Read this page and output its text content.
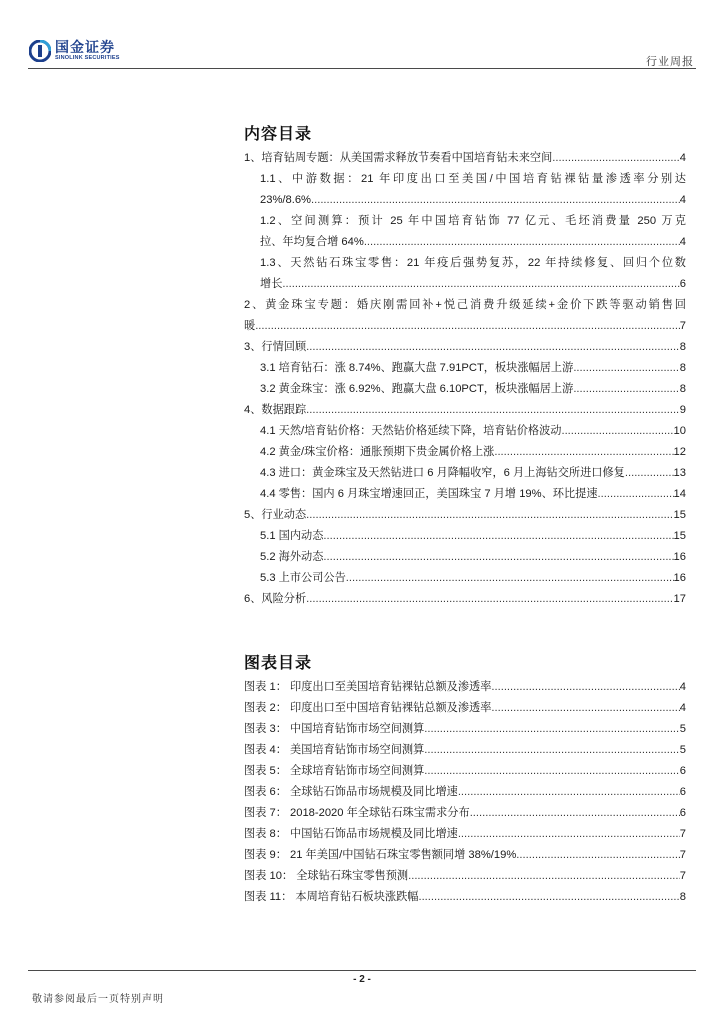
国金证券
SINOLINK SECURITIES	行业周报
内容目录
1、培育钻周专题：从美国需求释放节奏看中国培育钻未来空间 .....	4
1.1、中游数据：21 年印度出口至美国/中国培育钻裸钻量渗透率分别达
23%/8.6% .....	4
1.2、空间测算：预计 25 年中国培育钻饰 77 亿元、毛坯消费量 250 万克
拉、年均复合增 64% .....	4
1.3、天然钻石珠宝零售：21 年疫后强势复苏，22 年持续修复、回归个位数
增长 .....	6
2、黄金珠宝专题：婚庆刚需回补+悦己消费升级延续+金价下跌等驱动销售回
暖 .....	7
3、行情回顾 .....	8
3.1 培育钻石：涨 8.74%、跑赢大盘 7.91PCT，板块涨幅居上游 .....	8
3.2 黄金珠宝：涨 6.92%、跑赢大盘 6.10PCT，板块涨幅居上游 .....	8
4、数据跟踪 .....	9
4.1 天然/培育钻价格：天然钻价格延续下降，培育钻价格波动 .....	10
4.2 黄金/珠宝价格：通胀预期下贵金属价格上涨 .....	12
4.3 进口：黄金珠宝及天然钻进口 6 月降幅收窄，6 月上海钻交所进口修复 .....	13
4.4 零售：国内 6 月珠宝增速回正，美国珠宝 7 月增 19%、环比提速 .....	14
5、行业动态 .....	15
5.1 国内动态 .....	15
5.2 海外动态 .....	16
5.3 上市公司公告 .....	16
6、风险分析 .....	17
图表目录
图表 1： 印度出口至美国培育钻裸钻总额及渗透率 .....	4
图表 2： 印度出口至中国培育钻裸钻总额及渗透率 .....	4
图表 3： 中国培育钻饰市场空间测算 .....	5
图表 4： 美国培育钻饰市场空间测算 .....	5
图表 5： 全球培育钻饰市场空间测算 .....	6
图表 6： 全球钻石饰品市场规模及同比增速 .....	6
图表 7： 2018-2020 年全球钻石珠宝需求分布 .....	6
图表 8： 中国钻石饰品市场规模及同比增速 .....	7
图表 9： 21 年美国/中国钻石珠宝零售额同增 38%/19% .....	7
图表 10： 全球钻石珠宝零售预测 .....	7
图表 11： 本周培育钻石板块涨跌幅 .....	8
- 2 -
敬请参阅最后一页特别声明
